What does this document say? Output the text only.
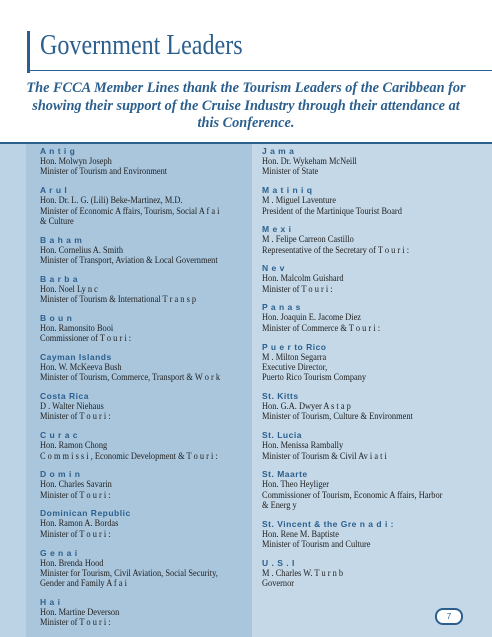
Government Leaders
The FCCA Member Lines thank the Tourism Leaders of the Caribbean for showing their support of the Cruise Industry through their attendance at this Conference.
A n t i g
Hon. Molwyn Joseph
Minister of Tourism and Environment
A r u l
Hon. Dr. L. G. (Lili) Beke-Martinez, M.D.
Minister of Economic A ffairs, Tourism, Social A f a i
& Culture
B a h a m
Hon. Cornelius A. Smith
Minister of Transport, Aviation & Local Government
B a r b a
Hon. Noel Ly n c
Minister of Tourism & International T r a n s p
B o u n
Hon. Ramonsito Booi
Commissioner of T o u r i :
Cayman Islands
Hon. W. McKeeva Bush
Minister of Tourism, Commerce, Transport & W o r k
Costa Rica
D . Walter Niehaus
Minister of T o u r i :
C u r a c
Hon. Ramon Chong
C o m m i s s i , Economic Development & T o u r i :
D o m i n
Hon. Charles Savarin
Minister of T o u r i :
Dominican Republic
Hon. Ramon A. Bordas
Minister of T o u r i :
G e n a i
Hon. Brenda Hood
Minister for Tourism, Civil Aviation, Social Security,
Gender and Family A f a i
H a i
Hon. Martine Deverson
Minister of T o u r i :
J a m a
Hon. Dr. Wykeham McNeill
Minister of State
M a t i n i q
M . Miguel Laventure
President of the Martinique Tourist Board
M e x i
M . Felipe Carreon Castillo
Representative of the Secretary of T o u r i :
N e v
Hon. Malcolm Guishard
Minister of T o u r i :
P a n a s
Hon. Joaquin E. Jacome Diez
Minister of Commerce & T o u r i :
P u e r to Rico
M . Milton Segarra
Executive Director,
Puerto Rico Tourism Company
St. Kitts
Hon. G.A. Dwyer A s t a p
Minister of Tourism, Culture & Environment
St. Lucia
Hon. Menissa Rambally
Minister of Tourism & Civil Av i a t i
St. Maarte
Hon. Theo Heyliger
Commissioner of Tourism, Economic A ffairs, Harbor
& Energ y
St. Vincent & the Gre n a d i :
Hon. Rene M. Baptiste
Minister of Tourism and Culture
U . S . I
M . Charles W. T u r n b
Governor
7
